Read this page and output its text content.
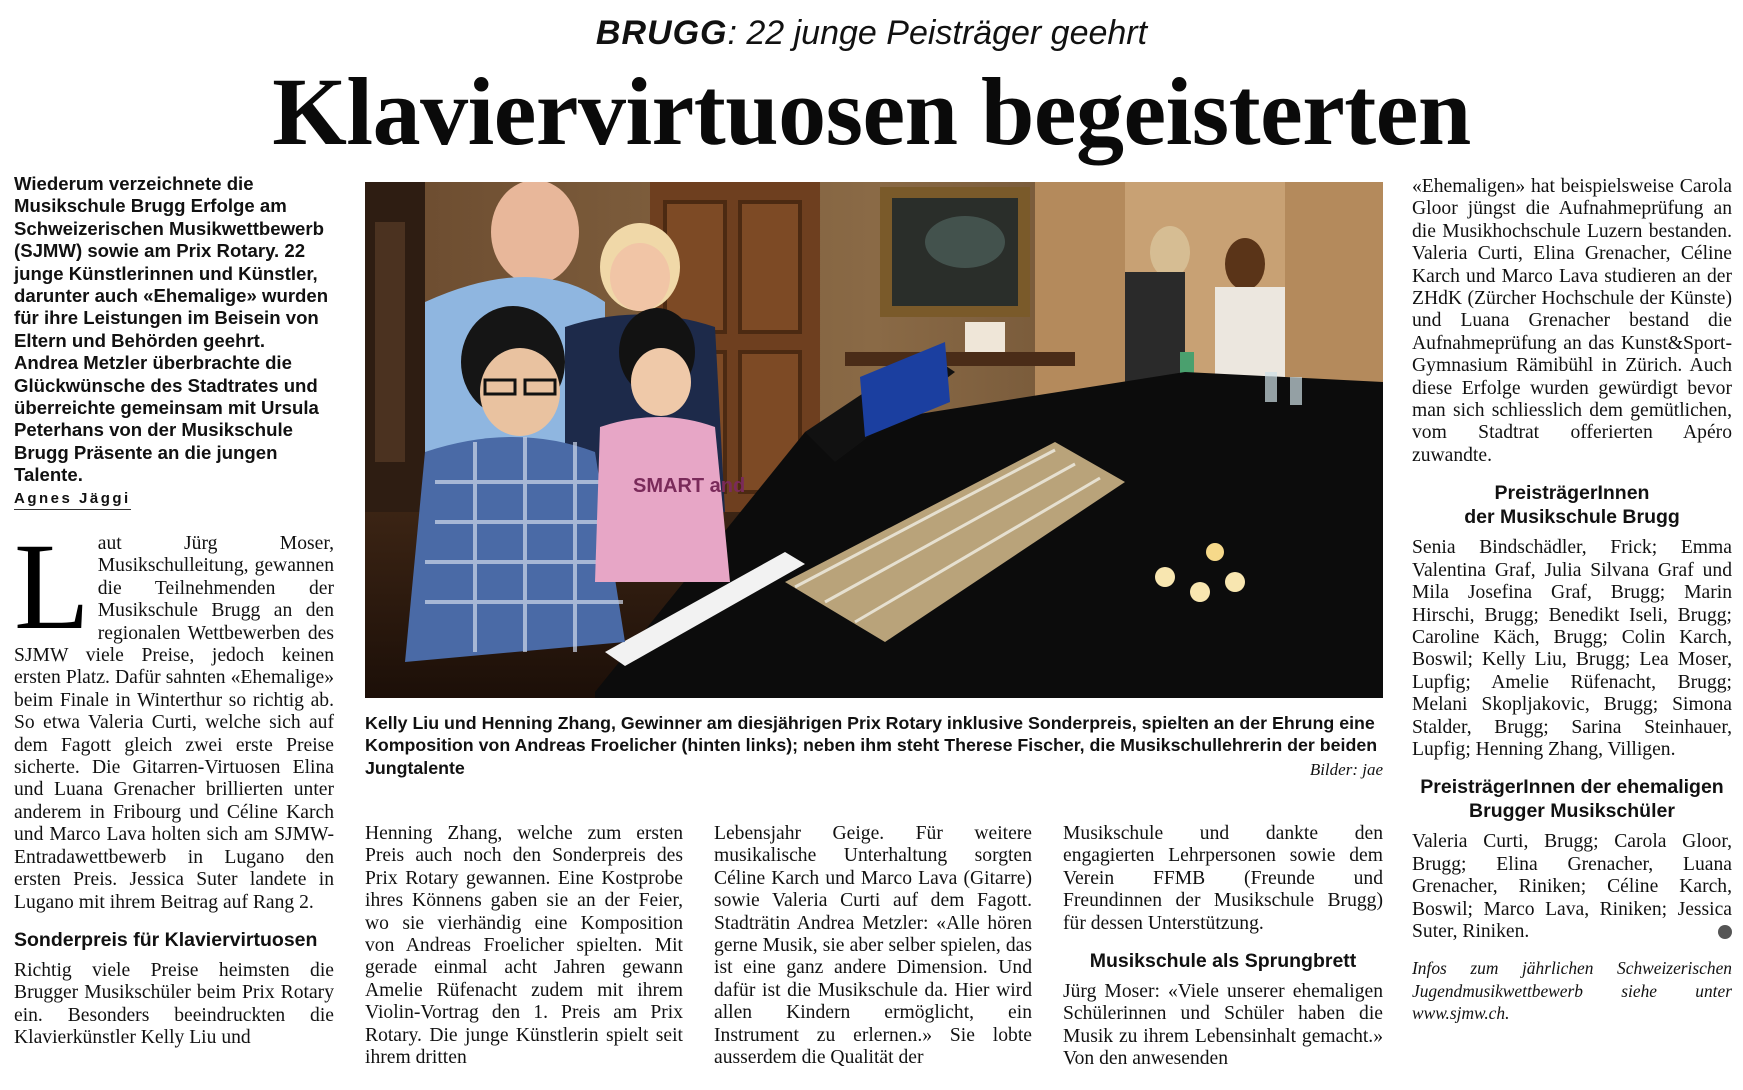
BRUGG: 22 junge Peisträger geehrt
Klaviervirtuosen begeisterten
Wiederum verzeichnete die Musikschule Brugg Erfolge am Schweizerischen Musikwettbewerb (SJMW) sowie am Prix Rotary. 22 junge Künstlerinnen und Künstler, darunter auch «Ehemalige» wurden für ihre Leistungen im Beisein von Eltern und Behörden geehrt. Andrea Metzler überbrachte die Glückwünsche des Stadtrates und überreichte gemeinsam mit Ursula Peterhans von der Musikschule Brugg Präsente an die jungen Talente.
Agnes Jäggi

Laut Jürg Moser, Musikschulleitung, gewannen die Teilnehmenden der Musikschule Brugg an den regionalen Wettbewerben des SJMW viele Preise, jedoch keinen ersten Platz. Dafür sahnten «Ehemalige» beim Finale in Winterthur so richtig ab. So etwa Valeria Curti, welche sich auf dem Fagott gleich zwei erste Preise sicherte. Die Gitarren-Virtuosen Elina und Luana Grenacher brillierten unter anderem in Fribourg und Céline Karch und Marco Lava holten sich am SJMW-Entradawettbewerb in Lugano den ersten Preis. Jessica Suter landete in Lugano mit ihrem Beitrag auf Rang 2.

Sonderpreis für Klaviervirtuosen

Richtig viele Preise heimsten die Brugger Musikschüler beim Prix Rotary ein. Besonders beeindruckten die Klavierkünstler Kelly Liu und

SMART and
Kelly Liu und Henning Zhang, Gewinner am diesjährigen Prix Rotary inklusive Sonderpreis, spielten an der Ehrung eine Komposition von Andreas Froelicher (hinten links); neben ihm steht Therese Fischer, die Musikschullehrerin der beiden Jungtalente	Bilder: jae

Henning Zhang, welche zum ersten Preis auch noch den Sonderpreis des Prix Rotary gewannen. Eine Kostprobe ihres Könnens gaben sie an der Feier, wo sie vierhändig eine Komposition von Andreas Froelicher spielten. Mit gerade einmal acht Jahren gewann Amelie Rüfenacht zudem mit ihrem Violin-Vortrag den 1. Preis am Prix Rotary. Die junge Künstlerin spielt seit ihrem dritten

Lebensjahr Geige. Für weitere musikalische Unterhaltung sorgten Céline Karch und Marco Lava (Gitarre) sowie Valeria Curti auf dem Fagott. Stadträtin Andrea Metzler: «Alle hören gerne Musik, sie aber selber spielen, das ist eine ganz andere Dimension. Und dafür ist die Musikschule da. Hier wird allen Kindern ermöglicht, ein Instrument zu erlernen.» Sie lobte ausserdem die Qualität der

Musikschule und dankte den engagierten Lehrpersonen sowie dem Verein FFMB (Freunde und Freundinnen der Musikschule Brugg) für dessen Unterstützung.

Musikschule als Sprungbrett

Jürg Moser: «Viele unserer ehemaligen Schülerinnen und Schüler haben die Musik zu ihrem Lebensinhalt gemacht.» Von den anwesenden

«Ehemaligen» hat beispielsweise Carola Gloor jüngst die Aufnahmeprüfung an die Musikhochschule Luzern bestanden. Valeria Curti, Elina Grenacher, Céline Karch und Marco Lava studieren an der ZHdK (Zürcher Hochschule der Künste) und Luana Grenacher bestand die Aufnahmeprüfung an das Kunst&Sport-Gymnasium Rämibühl in Zürich. Auch diese Erfolge wurden gewürdigt bevor man sich schliesslich dem gemütlichen, vom Stadtrat offerierten Apéro zuwandte.

PreisträgerInnen
der Musikschule Brugg

Senia Bindschädler, Frick; Emma Valentina Graf, Julia Silvana Graf und Mila Josefina Graf, Brugg; Marin Hirschi, Brugg; Benedikt Iseli, Brugg; Caroline Käch, Brugg; Colin Karch, Boswil; Kelly Liu, Brugg; Lea Moser, Lupfig; Amelie Rüfenacht, Brugg; Melani Skopljakovic, Brugg; Simona Stalder, Brugg; Sarina Steinhauer, Lupfig; Henning Zhang, Villigen.

PreisträgerInnen der ehemaligen
Brugger Musikschüler

Valeria Curti, Brugg; Carola Gloor, Brugg; Elina Grenacher, Luana Grenacher, Riniken; Céline Karch, Boswil; Marco Lava, Riniken; Jessica Suter, Riniken.

Infos zum jährlichen Schweizerischen Jugendmusikwettbewerb siehe unter www.sjmw.ch.
